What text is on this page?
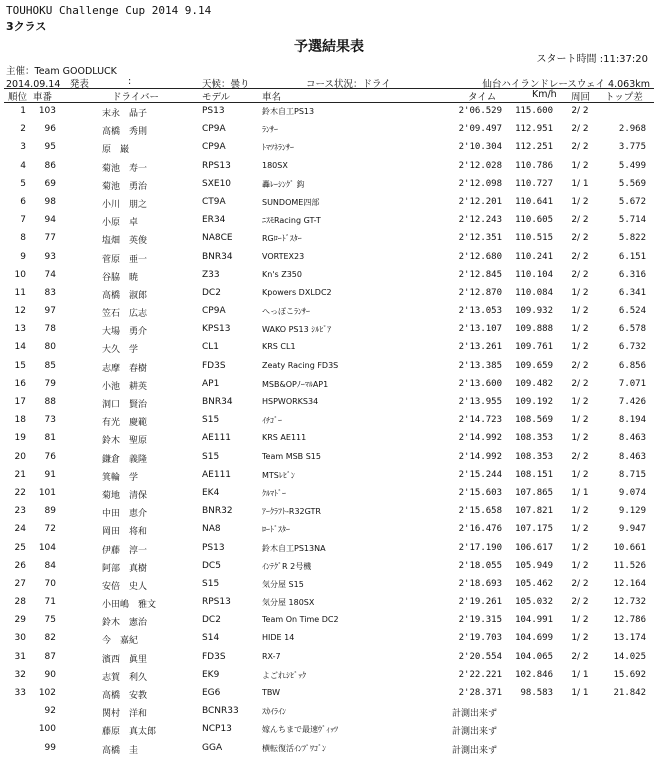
TOUHOKU Challenge Cup 2014 9.14
3クラス
予選結果表
スタート時間 :11:37:20
主催：Team GOODLUCK
2014.09.14　発表	:	天候：曇り	コース状況：ドライ	仙台ハイランドレースウェイ 4.063km
順位 車番	ドライバー	モデル	車名	タイム	Km/h 周回 トップ差
1	103	末永　晶子	PS13	鈴木自工PS13	2'06.529	115.600	2/ 2
2	96	高橋　秀則	CP9A	ﾗﾝｻｰ	2'09.497	112.951	2/ 2	2.968
3	95	原　巌	CP9A	ﾄﾏﾂﾈﾗﾝｻｰ	2'10.304	112.251	2/ 2	3.775
4	86	菊池　寿一	RPS13	180SX	2'12.028	110.786	1/ 2	5.499
5	69	菊池　勇治	SXE10	轟ﾚｰｼﾝｸﾞ 鈎	2'12.098	110.727	1/ 1	5.569
6	98	小川　朋之	CT9A	SUNDOME四部	2'12.201	110.641	1/ 2	5.672
7	94	小原　卓	ER34	ﾆｽﾓRacing GT-T	2'12.243	110.605	2/ 2	5.714
8	77	塩畑　英俊	NA8CE	RGﾛｰﾄﾞｽﾀｰ	2'12.351	110.515	2/ 2	5.822
9	93	菅原　亜一	BNR34	VORTEX23	2'12.680	110.241	2/ 2	6.151
10	74	谷脇　暁	Z33	Kn's Z350	2'12.845	110.104	2/ 2	6.316
11	83	高橋　淑郎	DC2	Kpowers DXLDC2	2'12.870	110.084	1/ 2	6.341
12	97	笠石　広志	CP9A	へっぽこﾗﾝｻｰ	2'13.053	109.932	1/ 2	6.524
13	78	大場　勇介	KPS13	WAKO PS13 ｼﾙﾋﾞｱ	2'13.107	109.888	1/ 2	6.578
14	80	大久　学	CL1	KRS CL1	2'13.261	109.761	1/ 2	6.732
15	85	志摩　春樹	FD3S	Zeaty Racing FD3S	2'13.385	109.659	2/ 2	6.856
16	79	小池　耕英	AP1	MSB&OPﾉｰﾏﾙAP1	2'13.600	109.482	2/ 2	7.071
17	88	洞口　賢治	BNR34	HSPWORKS34	2'13.955	109.192	1/ 2	7.426
18	73	有光　慶範	S15	ｲﾁｺﾞｰ	2'14.723	108.569	1/ 2	8.194
19	81	鈴木　聖原	AE111	KRS AE111	2'14.992	108.353	1/ 2	8.463
20	76	鎌倉　義隆	S15	Team MSB S15	2'14.992	108.353	2/ 2	8.463
21	91	箕輪　学	AE111	MTSﾚﾋﾞﾝ	2'15.244	108.151	1/ 2	8.715
22	101	菊地　清保	EK4	ｸﾙﾏﾄﾞｰ	2'15.603	107.865	1/ 1	9.074
23	89	中田　恵介	BNR32	ｱｰｸﾗﾌﾄ-R32GTR	2'15.658	107.821	1/ 2	9.129
24	72	岡田　将和	NA8	ﾛｰﾄﾞｽﾀｰ	2'16.476	107.175	1/ 2	9.947
25	104	伊藤　淳一	PS13	鈴木自工PS13NA	2'17.190	106.617	1/ 2	10.661
26	84	阿部　真樹	DC5	ｲﾝﾃｸﾞR 2号機	2'18.055	105.949	1/ 2	11.526
27	70	安倍　史人	S15	気分屋 S15	2'18.693	105.462	2/ 2	12.164
28	71	小田嶋　雅文	RPS13	気分屋 180SX	2'19.261	105.032	2/ 2	12.732
29	75	鈴木　憲治	DC2	Team On Time DC2	2'19.315	104.991	1/ 2	12.786
30	82	今　嘉紀	S14	HIDE 14	2'19.703	104.699	1/ 2	13.174
31	87	濱西　眞里	FD3S	RX-7	2'20.554	104.065	2/ 2	14.025
32	90	志賀　利久	EK9	よごれｼﾋﾞｯｸ	2'22.221	102.846	1/ 1	15.692
33	102	高橋　安教	EG6	TBW	2'28.371	98.583	1/ 1	21.842
92	関村　洋和	BCNR33	ｽｶｲﾗｲﾝ	計測出来ず
100	藤原　真太郎	NCP13	嫁んちまで最速ｳﾞｨｯﾂ	計測出来ず
99	高橋　圭	GGA	横転復活ｲﾝﾌﾟﾜｺﾞﾝ	計測出来ず
